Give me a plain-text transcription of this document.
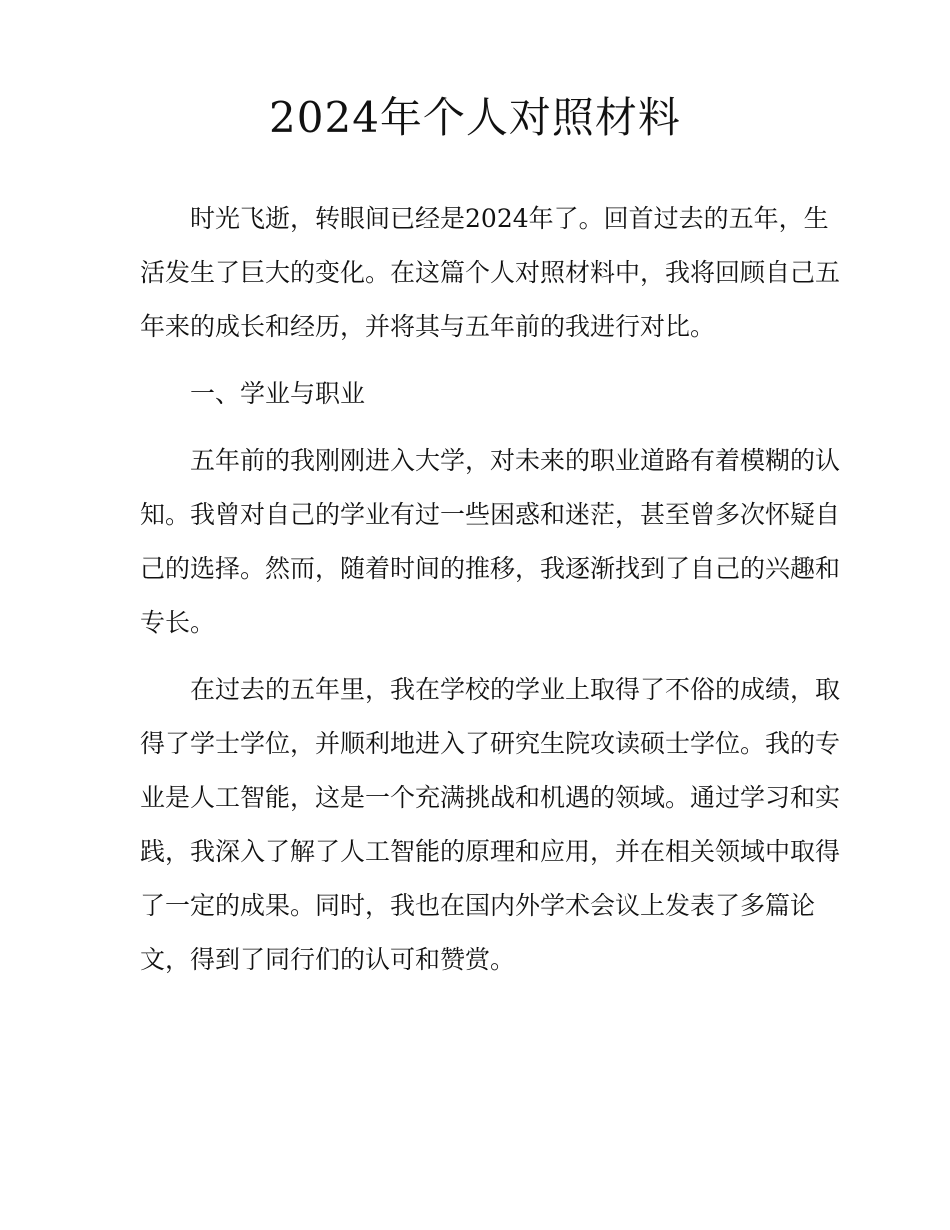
2024年个人对照材料

时光飞逝，转眼间已经是2024年了。回首过去的五年，生活发生了巨大的变化。在这篇个人对照材料中，我将回顾自己五年来的成长和经历，并将其与五年前的我进行对比。

一、学业与职业

五年前的我刚刚进入大学，对未来的职业道路有着模糊的认知。我曾对自己的学业有过一些困惑和迷茫，甚至曾多次怀疑自己的选择。然而，随着时间的推移，我逐渐找到了自己的兴趣和专长。

在过去的五年里，我在学校的学业上取得了不俗的成绩，取得了学士学位，并顺利地进入了研究生院攻读硕士学位。我的专业是人工智能，这是一个充满挑战和机遇的领域。通过学习和实践，我深入了解了人工智能的原理和应用，并在相关领域中取得了一定的成果。同时，我也在国内外学术会议上发表了多篇论文，得到了同行们的认可和赞赏。
